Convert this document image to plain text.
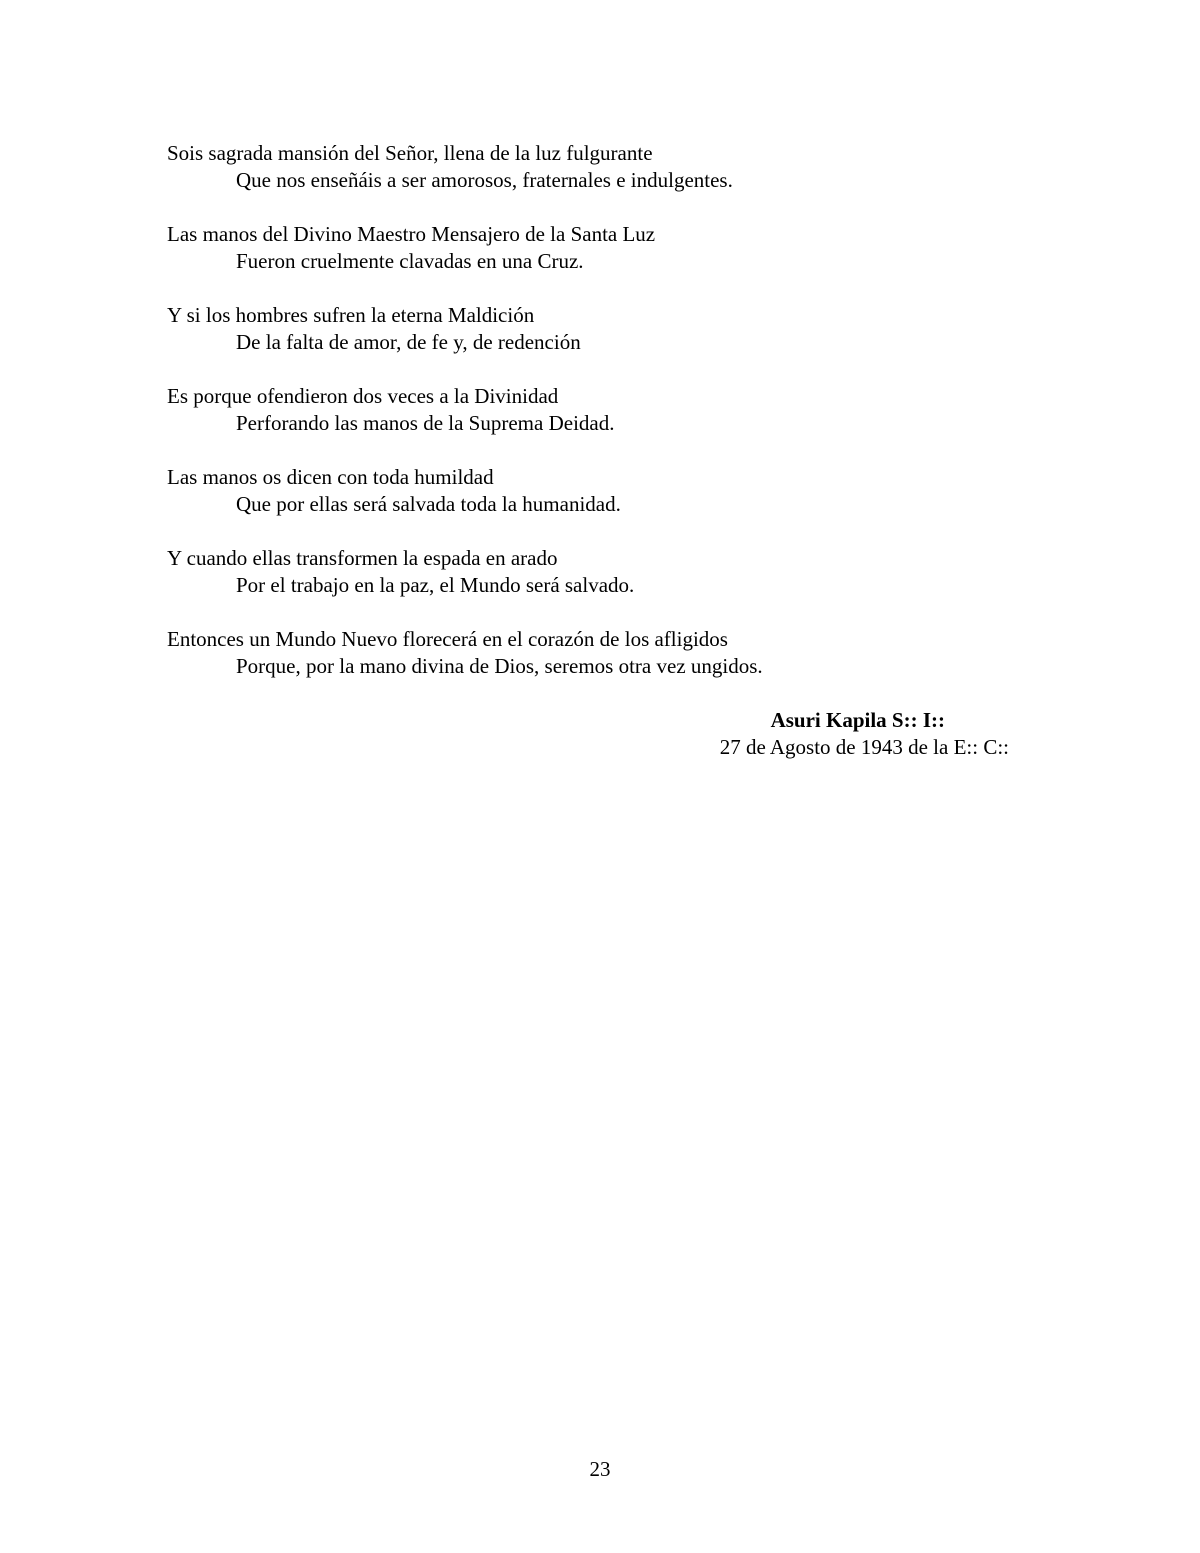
Sois sagrada mansión del Señor, llena de la luz fulgurante

Que nos enseñáis a ser amorosos, fraternales e indulgentes.

Las manos del Divino Maestro Mensajero de la Santa Luz

Fueron cruelmente clavadas en una Cruz.

Y si los hombres sufren la eterna Maldición

De la falta de amor, de fe y, de redención

Es porque ofendieron dos veces a la Divinidad

Perforando las manos de la Suprema Deidad.

Las manos os dicen con toda humildad

Que por ellas será salvada toda la humanidad.

Y cuando ellas transformen la espada en arado

Por el trabajo en la paz, el Mundo será salvado.

Entonces un Mundo Nuevo florecerá en el corazón de los afligidos

Porque, por la mano divina de Dios, seremos otra vez ungidos.

Asuri Kapila S:: I::
27 de Agosto de 1943 de la E:: C::
23
